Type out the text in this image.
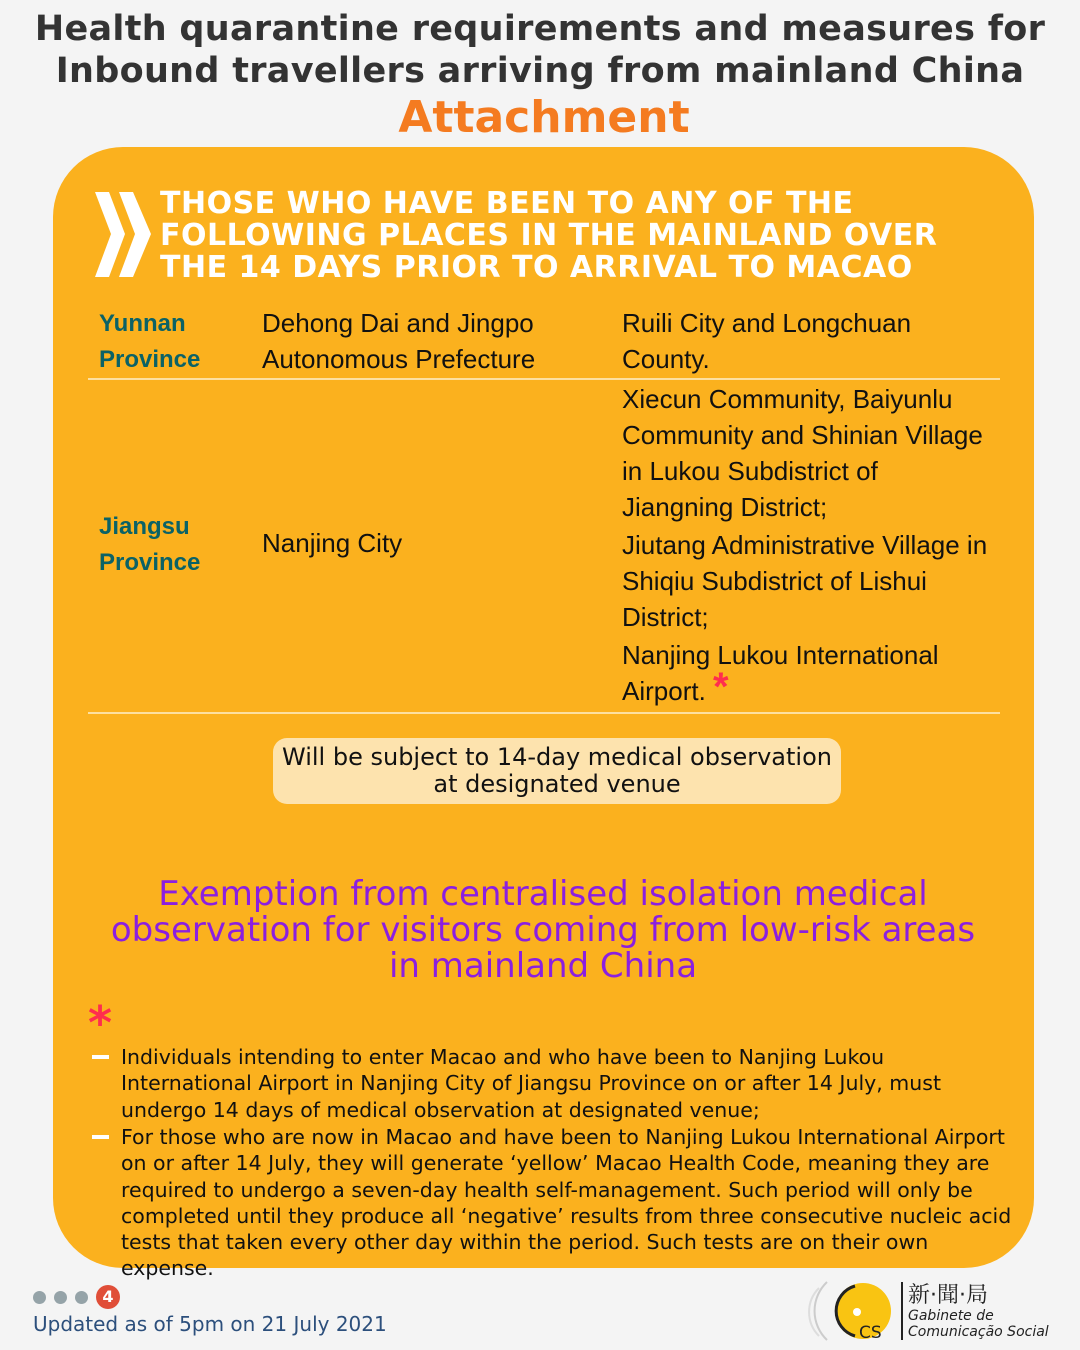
Health quarantine requirements and measures for
Inbound travellers arriving from mainland China
Attachment
THOSE WHO HAVE BEEN TO ANY OF THE
FOLLOWING PLACES IN THE MAINLAND OVER
THE 14 DAYS PRIOR TO ARRIVAL TO MACAO
Yunnan
Province
Dehong Dai and Jingpo
Autonomous Prefecture
Ruili City and Longchuan
County.
Jiangsu
Province
Nanjing City
Xiecun Community, Baiyunlu
Community and Shinian Village
in Lukou Subdistrict of
Jiangning District;
Jiutang Administrative Village in
Shiqiu Subdistrict of Lishui
District;
Nanjing Lukou International
Airport. *
Will be subject to 14-day medical observation
at designated venue
Exemption from centralised isolation medical
observation for visitors coming from low-risk areas
in mainland China
*
Individuals intending to enter Macao and who have been to Nanjing Lukou International Airport in Nanjing City of Jiangsu Province on or after 14 July, must undergo 14 days of medical observation at designated venue;
For those who are now in Macao and have been to Nanjing Lukou International Airport on or after 14 July, they will generate ‘yellow’ Macao Health Code, meaning they are required to undergo a seven-day health self-management. Such period will only be completed until they produce all ‘negative’ results from three consecutive nucleic acid tests that taken every other day within the period. Such tests are on their own expense.
4
Updated as of 5pm on 21 July 2021	CS
新·聞·局
Gabinete de
Comunicação Social
